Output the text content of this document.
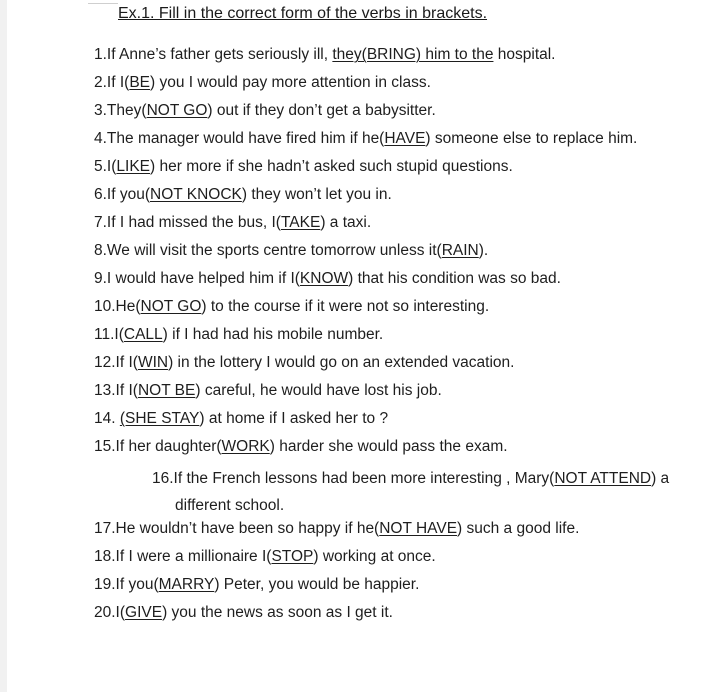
Ex.1. Fill in the correct form of the verbs in brackets.
1.If Anne’s father gets seriously ill, they(BRING) him to the hospital.
2.If I(BE) you I would pay more attention in class.
3.They(NOT GO) out if they don’t get a babysitter.
4.The manager would have fired him if he(HAVE) someone else to replace him.
5.I(LIKE) her more if she hadn’t asked such stupid questions.
6.If you(NOT KNOCK) they won’t let you in.
7.If I had missed the bus, I(TAKE) a taxi.
8.We will visit the sports centre tomorrow unless it(RAIN).
9.I would have helped him if I(KNOW) that his condition was so bad.
10.He(NOT GO) to the course if it were not so interesting.
11.I(CALL) if I had had his mobile number.
12.If I(WIN) in the lottery I would go on an extended vacation.
13.If I(NOT BE) careful, he would have lost his job.
14. (SHE STAY) at home if I asked her to ?
15.If her daughter(WORK) harder she would pass the exam.
16.If the French lessons had been more interesting , Mary(NOT ATTEND) a
different school.
17.He wouldn’t have been so happy if he(NOT HAVE) such a good life.
18.If I were a millionaire I(STOP) working at once.
19.If you(MARRY) Peter, you would be happier.
20.I(GIVE) you the news as soon as I get it.
